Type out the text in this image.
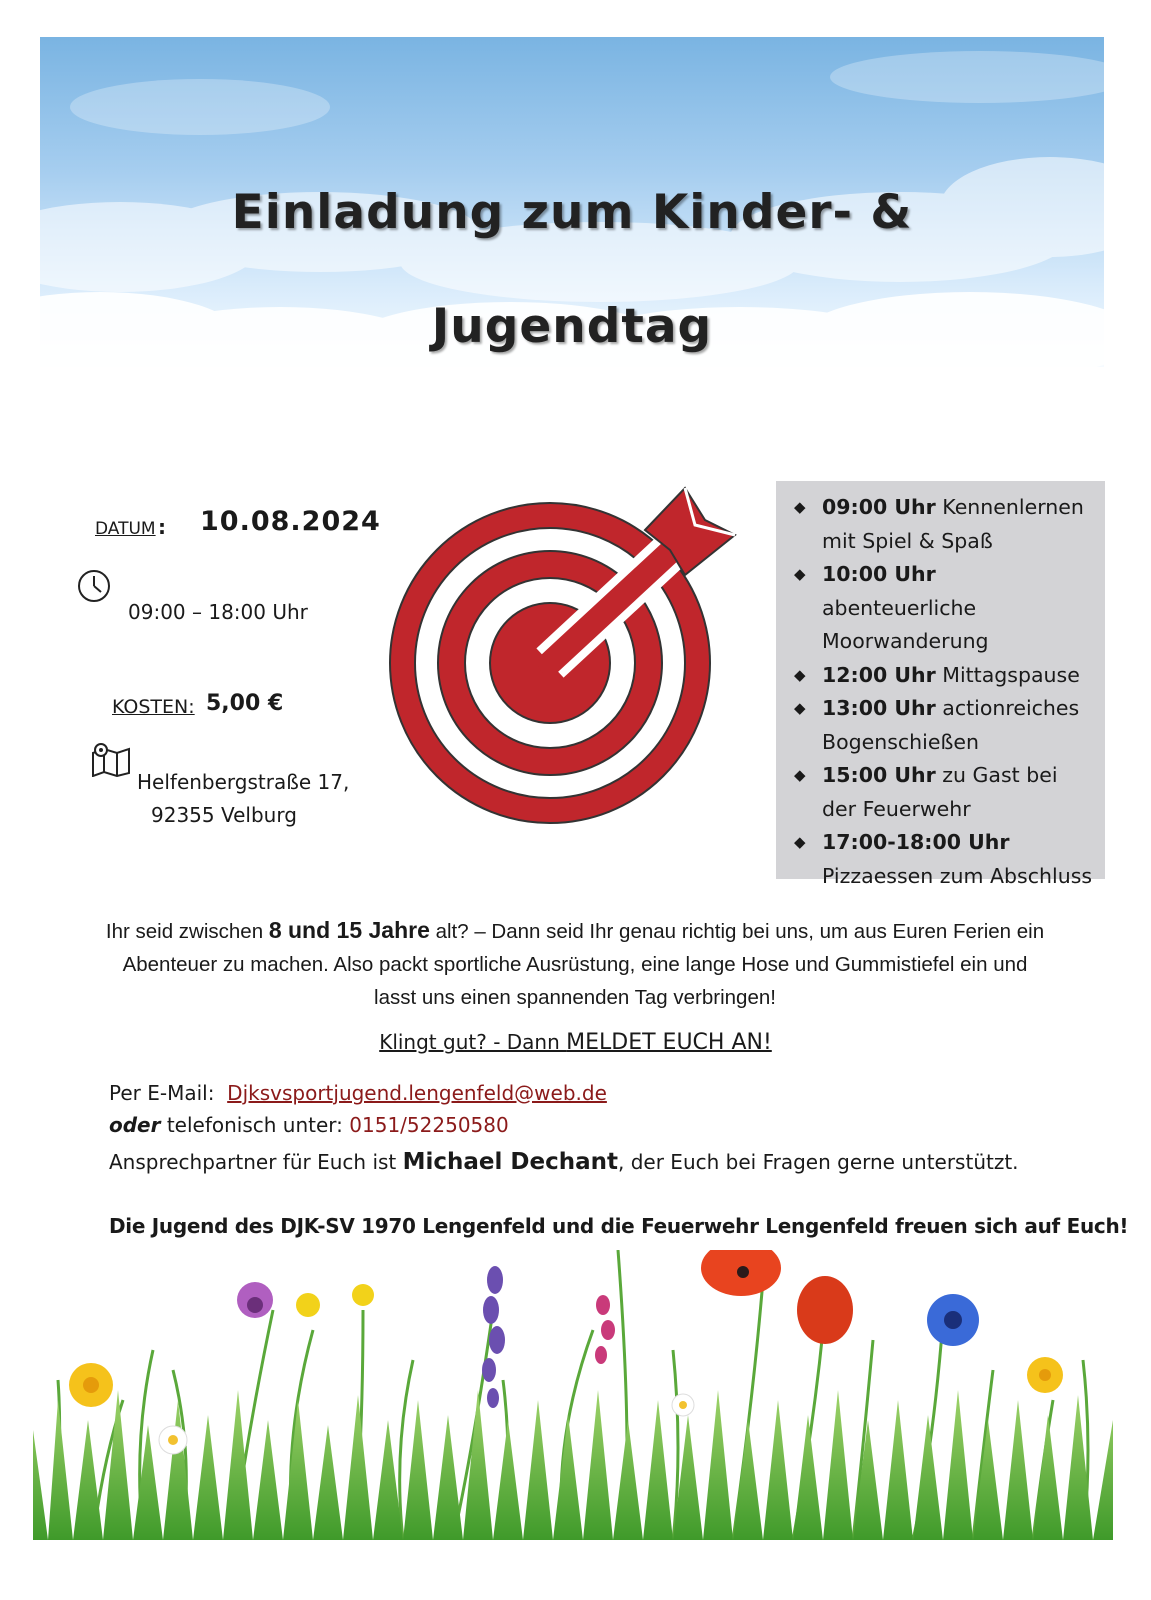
Einladung zum Kinder- &
Jugendtag
DATUM : 10.08.2024
09:00 – 18:00 Uhr
KOSTEN: 5,00 €
Helfenbergstraße 17,
92355 Velburg
◆ 09:00 Uhr Kennenlernen mit Spiel & Spaß
◆ 10:00 Uhr abenteuerliche Moorwanderung
◆ 12:00 Uhr Mittagspause
◆ 13:00 Uhr actionreiches Bogenschießen
◆ 15:00 Uhr zu Gast bei der Feuerwehr
◆ 17:00-18:00 Uhr Pizzaessen zum Abschluss
Ihr seid zwischen 8 und 15 Jahre alt? – Dann seid Ihr genau richtig bei uns, um aus Euren Ferien ein Abenteuer zu machen. Also packt sportliche Ausrüstung, eine lange Hose und Gummistiefel ein und lasst uns einen spannenden Tag verbringen!
Klingt gut? - Dann MELDET EUCH AN!
Per E-Mail:  Djksvsportjugend.lengenfeld@web.de
oder telefonisch unter: 0151/52250580
Ansprechpartner für Euch ist Michael Dechant, der Euch bei Fragen gerne unterstützt.
Die Jugend des DJK-SV 1970 Lengenfeld und die Feuerwehr Lengenfeld freuen sich auf Euch!
